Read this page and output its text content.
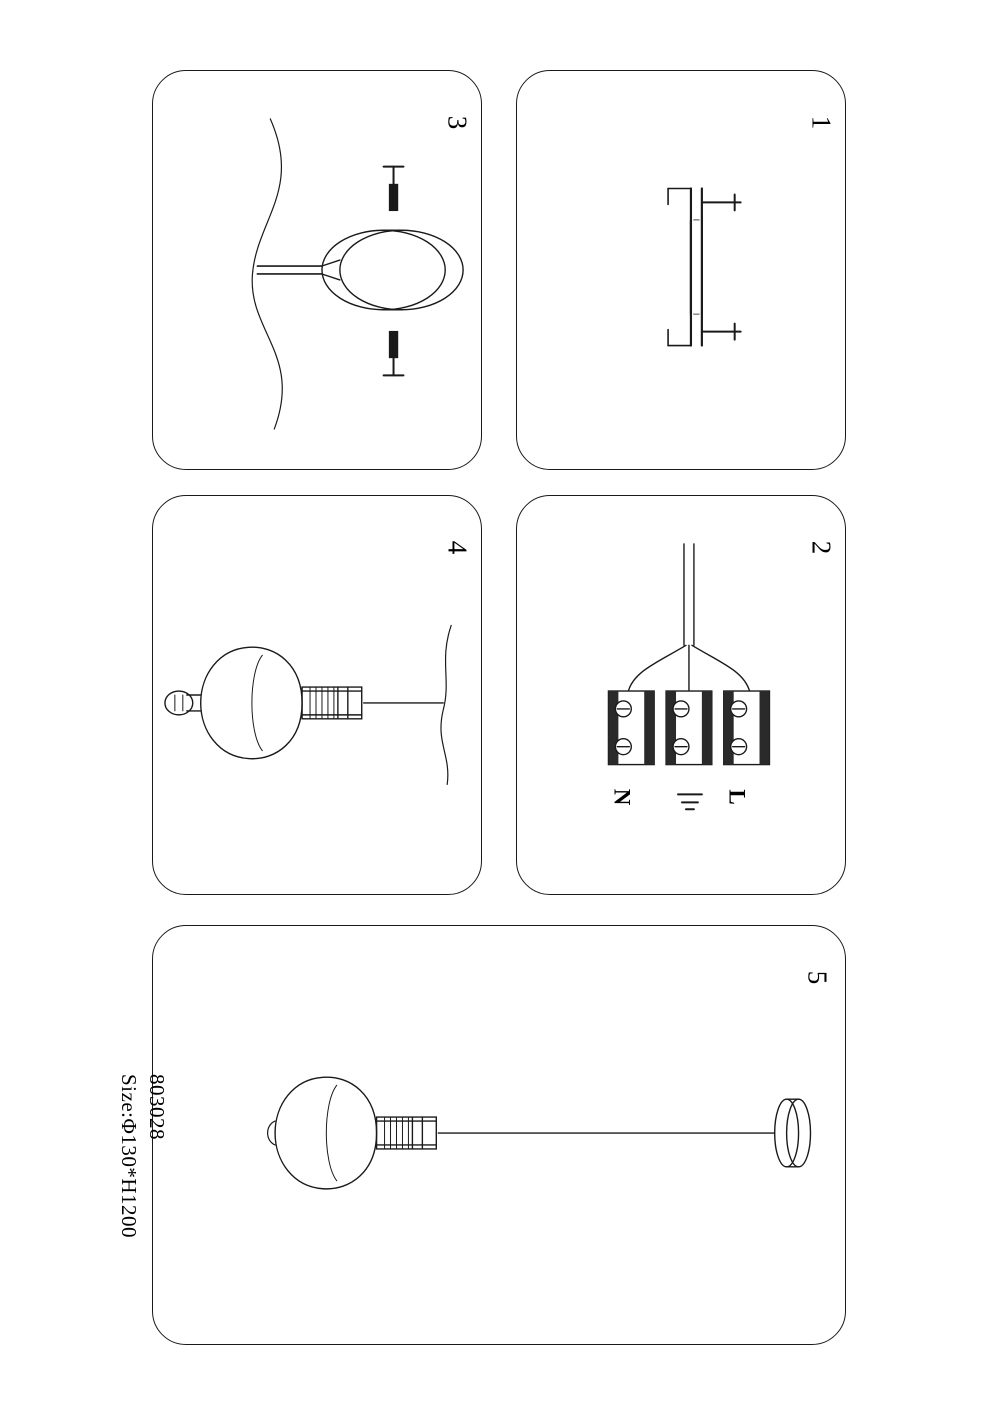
1
3
2
N	L
4
5
803028
Size:Φ130*H1200
